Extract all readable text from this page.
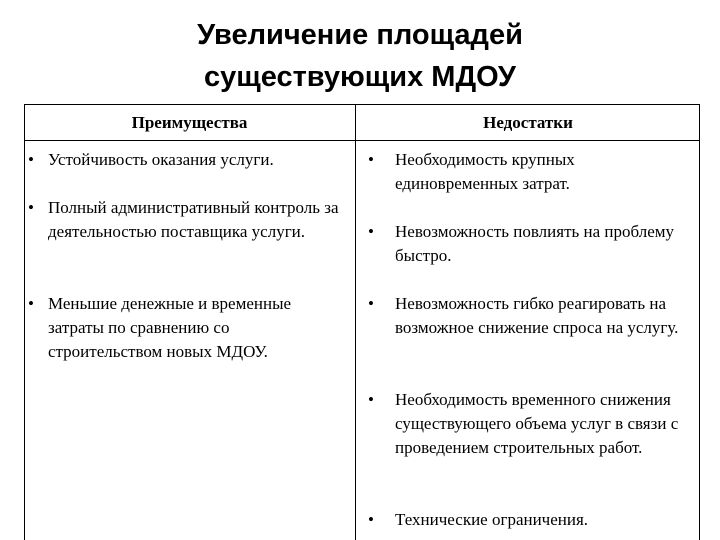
Увеличение площадей
существующих МДОУ
Преимущества	Недостатки
• Устойчивость оказания услуги.
• Полный административный контроль за деятельностью поставщика услуги.
• Меньшие денежные и временные затраты по сравнению со строительством новых МДОУ.
• Необходимость крупных единовременных затрат.
• Невозможность повлиять на проблему быстро.
• Невозможность гибко реагировать на возможное снижение спроса на услугу.
• Необходимость временного снижения существующего объема услуг в связи с проведением строительных работ.
• Технические ограничения.
